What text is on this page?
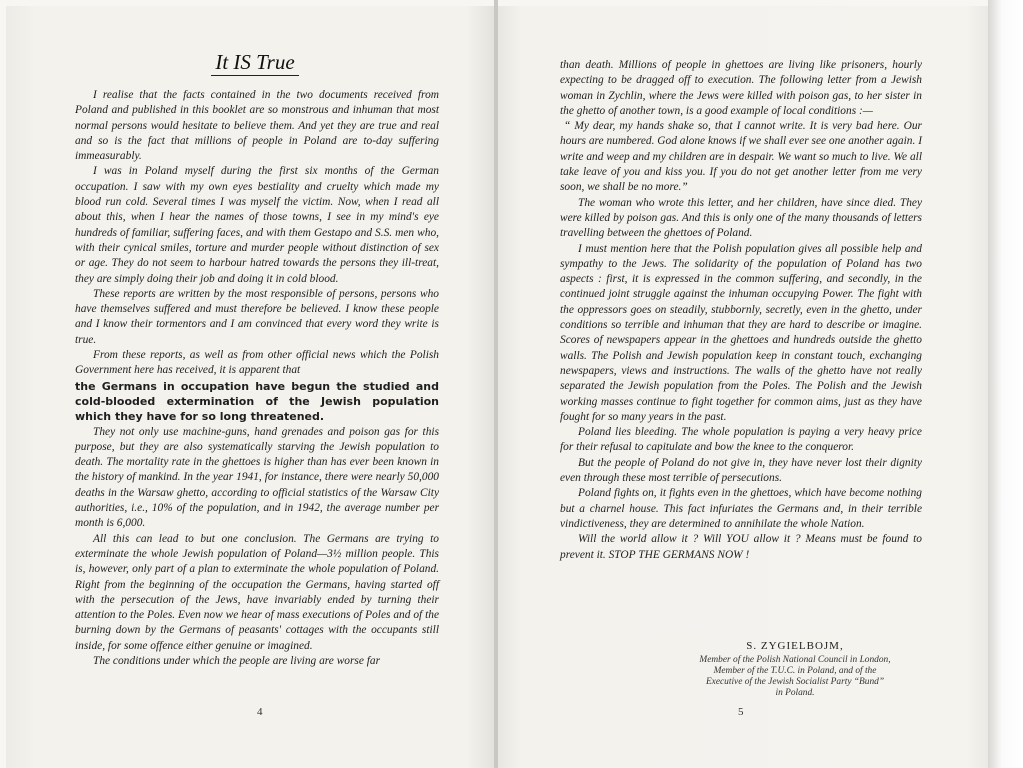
It IS True

I realise that the facts contained in the two documents received from Poland and published in this booklet are so monstrous and inhuman that most normal persons would hesitate to believe them. And yet they are true and real and so is the fact that millions of people in Poland are to-day suffering immeasurably.

I was in Poland myself during the first six months of the German occupation. I saw with my own eyes bestiality and cruelty which made my blood run cold. Several times I was myself the victim. Now, when I read all about this, when I hear the names of those towns, I see in my mind's eye hundreds of familiar, suffering faces, and with them Gestapo and S.S. men who, with their cynical smiles, torture and murder people without distinction of sex or age. They do not seem to harbour hatred towards the persons they ill-treat, they are simply doing their job and doing it in cold blood.

These reports are written by the most responsible of persons, persons who have themselves suffered and must therefore be believed. I know these people and I know their tormentors and I am convinced that every word they write is true.

From these reports, as well as from other official news which the Polish Government here has received, it is apparent that

the Germans in occupation have begun the studied and cold-blooded extermination of the Jewish population which they have for so long threatened.

They not only use machine-guns, hand grenades and poison gas for this purpose, but they are also systematically starving the Jewish population to death. The mortality rate in the ghettoes is higher than has ever been known in the history of mankind. In the year 1941, for instance, there were nearly 50,000 deaths in the Warsaw ghetto, according to official statistics of the Warsaw City authorities, i.e., 10% of the population, and in 1942, the average number per month is 6,000.

All this can lead to but one conclusion. The Germans are trying to exterminate the whole Jewish population of Poland—3½ million people. This is, however, only part of a plan to exterminate the whole population of Poland. Right from the beginning of the occupation the Germans, having started off with the persecution of the Jews, have invariably ended by turning their attention to the Poles. Even now we hear of mass executions of Poles and of the burning down by the Germans of peasants' cottages with the occupants still inside, for some offence either genuine or imagined.

The conditions under which the people are living are worse far

than death. Millions of people in ghettoes are living like prisoners, hourly expecting to be dragged off to execution. The following letter from a Jewish woman in Zychlin, where the Jews were killed with poison gas, to her sister in the ghetto of another town, is a good example of local conditions :—

“ My dear, my hands shake so, that I cannot write. It is very bad here. Our hours are numbered. God alone knows if we shall ever see one another again. I write and weep and my children are in despair. We want so much to live. We all take leave of you and kiss you. If you do not get another letter from me very soon, we shall be no more.”

The woman who wrote this letter, and her children, have since died. They were killed by poison gas. And this is only one of the many thousands of letters travelling between the ghettoes of Poland.

I must mention here that the Polish population gives all possible help and sympathy to the Jews. The solidarity of the population of Poland has two aspects : first, it is expressed in the common suffering, and secondly, in the continued joint struggle against the inhuman occupying Power. The fight with the oppressors goes on steadily, stubbornly, secretly, even in the ghetto, under conditions so terrible and inhuman that they are hard to describe or imagine. Scores of newspapers appear in the ghettoes and hundreds outside the ghetto walls. The Polish and Jewish population keep in constant touch, exchanging newspapers, views and instructions. The walls of the ghetto have not really separated the Jewish population from the Poles. The Polish and the Jewish working masses continue to fight together for common aims, just as they have fought for so many years in the past.

Poland lies bleeding. The whole population is paying a very heavy price for their refusal to capitulate and bow the knee to the conqueror.

But the people of Poland do not give in, they have never lost their dignity even through these most terrible of persecutions.

Poland fights on, it fights even in the ghettoes, which have become nothing but a charnel house. This fact infuriates the Germans and, in their terrible vindictiveness, they are determined to annihilate the whole Nation.

Will the world allow it ? Will YOU allow it ? Means must be found to prevent it. STOP THE GERMANS NOW !

S. ZYGIELBOJM,
Member of the Polish National Council in London,
Member of the T.U.C. in Poland, and of the
Executive of the Jewish Socialist Party “Bund”
in Poland.
4	5
